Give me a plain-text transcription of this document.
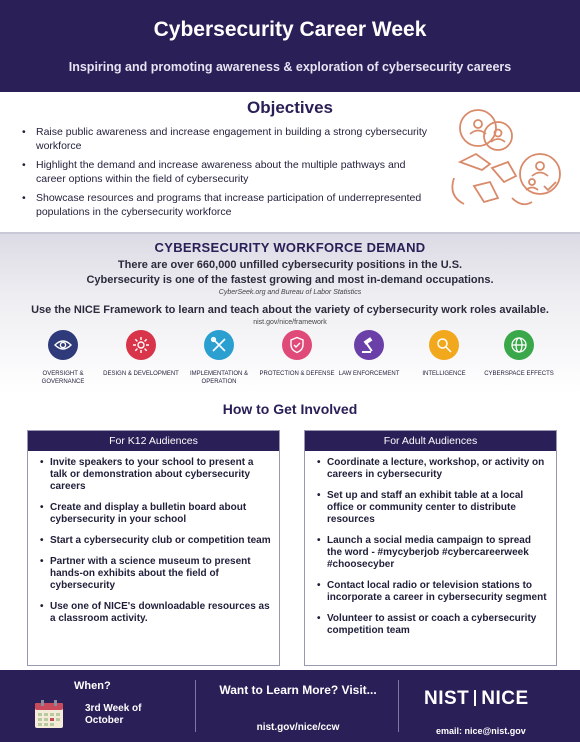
Cybersecurity Career Week

Inspiring and promoting awareness & exploration of cybersecurity careers

Objectives
• Raise public awareness and increase engagement in building a strong cybersecurity workforce
• Highlight the demand and increase awareness about the multiple pathways and career options within the field of cybersecurity
• Showcase resources and programs that increase participation of underrepresented populations in the cybersecurity workforce
CYBERSECURITY WORKFORCE DEMAND
There are over 660,000 unfilled cybersecurity positions in the U.S.
Cybersecurity is one of the fastest growing and most in-demand occupations.
CyberSeek.org and Bureau of Labor Statistics
Use the NICE Framework to learn and teach about the variety of cybersecurity work roles available.
nist.gov/nice/framework
OVERSIGHT & GOVERNANCE
DESIGN & DEVELOPMENT	IMPLEMENTATION & OPERATION
PROTECTION & DEFENSE LAW ENFORCEMENT	INTELLIGENCE	CYBERSPACE EFFECTS
How to Get Involved
For K12 Audiences
• Invite speakers to your school to present a talk or demonstration about cybersecurity careers
• Create and display a bulletin board about cybersecurity in your school
• Start a cybersecurity club or competition team
• Partner with a science museum to present hands-on exhibits about the field of cybersecurity
• Use one of NICE's downloadable resources as a classroom activity.
For Adult Audiences
• Coordinate a lecture, workshop, or activity on careers in cybersecurity
• Set up and staff an exhibit table at a local office or community center to distribute resources
• Launch a social media campaign to spread the word - #mycyberjob #cybercareerweek #choosecyber
• Contact local radio or television stations to incorporate a career in cybersecurity segment
• Volunteer to assist or coach a cybersecurity competition team
When?
3rd Week of October
Want to Learn More? Visit...
nist.gov/nice/ccw
NIST NICE
email: nice@nist.gov
